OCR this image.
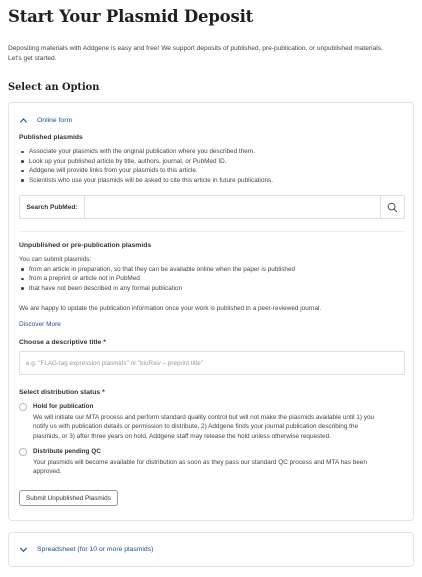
Start Your Plasmid Deposit
Depositing materials with Addgene is easy and free! We support deposits of published, pre-publication, or unpublished materials.
Let's get started.
Select an Option
Online form
Published plasmids
Associate your plasmids with the original publication where you described them.
Look up your published article by title, authors, journal, or PubMed ID.
Addgene will provide links from your plasmids to this article.
Scientists who use your plasmids will be asked to cite this article in future publications.
Search PubMed:
Unpublished or pre-publication plasmids
You can submit plasmids:
from an article in preparation, so that they can be available online when the paper is published
from a preprint or article not in PubMed
that have not been described in any formal publication
We are happy to update the publication information once your work is published in a peer-reviewed journal.
Discover More
Choose a descriptive title *
e.g. "FLAG-tag expression plasmids" or "bioRxiv – preprint title"
Select distribution status *
Hold for publication
We will initiate our MTA process and perform standard quality control but will not make the plasmids available until 1) you
notify us with publication details or permission to distribute, 2) Addgene finds your journal publication describing the
plasmids, or 3) after three years on hold, Addgene staff may release the hold unless otherwise requested.
Distribute pending QC
Your plasmids will become available for distribution as soon as they pass our standard QC process and MTA has been
approved.
Submit Unpublished Plasmids
Spreadsheet (for 10 or more plasmids)
